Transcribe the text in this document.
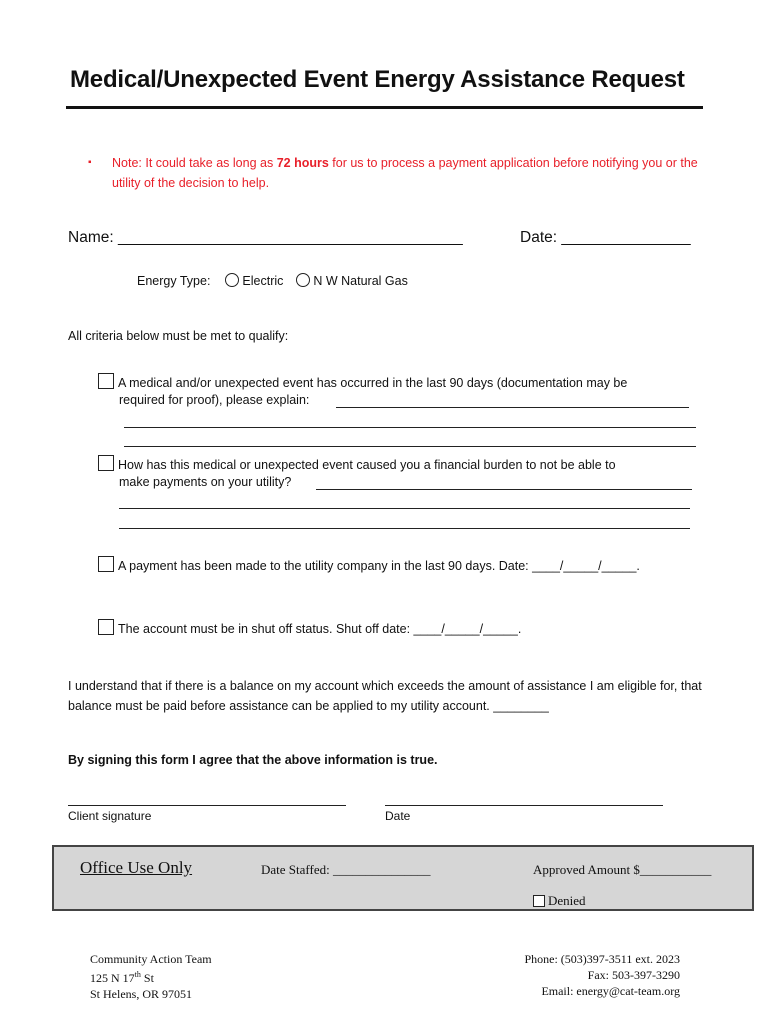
Medical/Unexpected Event Energy Assistance Request
▪ Note: It could take as long as 72 hours for us to process a payment application before notifying you or the utility of the decision to help.
Name: ________________________________________	Date: _______________
Energy Type:	Electric N W Natural Gas
All criteria below must be met to qualify:
A medical and/or unexpected event has occurred in the last 90 days (documentation may be
required for proof), please explain:
How has this medical or unexpected event caused you a financial burden to not be able to
make payments on your utility?
A payment has been made to the utility company in the last 90 days. Date: ____/_____/_____.
The account must be in shut off status. Shut off date: ____/_____/_____.
I understand that if there is a balance on my account which exceeds the amount of assistance I am eligible for, that balance must be paid before assistance can be applied to my utility account. ________
By signing this form I agree that the above information is true.
Client signature	Date
Office Use Only	Date Staffed: _______________	Approved Amount $___________
Denied
Community Action Team
125 N 17th St
St Helens, OR 97051
Phone: (503)397-3511 ext. 2023
Fax: 503-397-3290
Email: energy@cat-team.org
